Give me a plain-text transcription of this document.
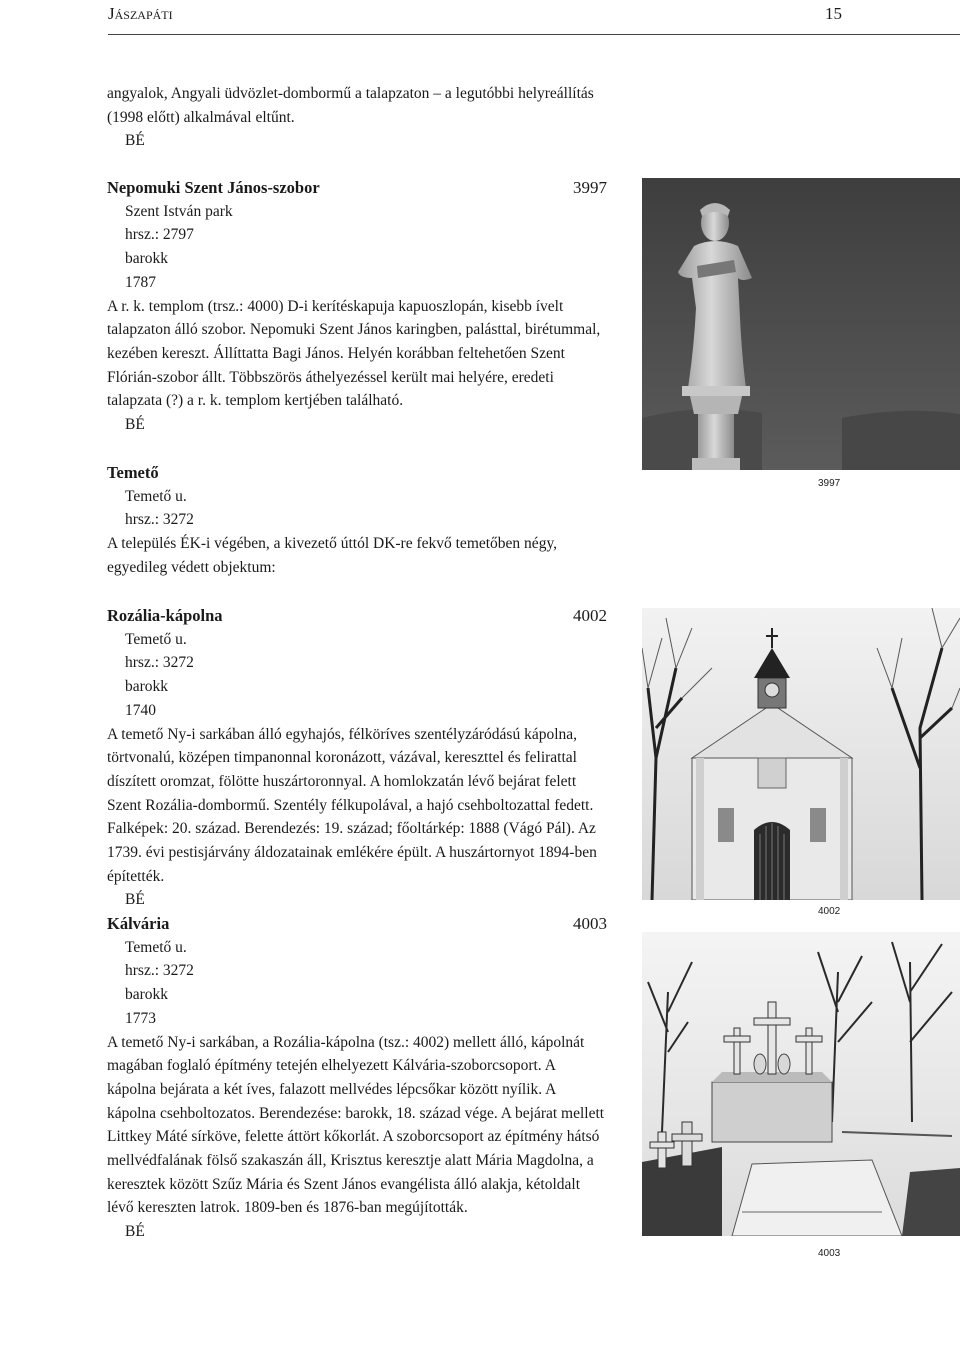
Jászapáti	15

angyalok, Angyali üdvözlet-dombormű a talapzaton – a legutóbbi helyreállítás (1998 előtt) alkalmával eltűnt.

BÉ

Nepomuki Szent János-szobor	3997

Szent István park

hrsz.: 2797

barokk

1787

A r. k. templom (trsz.: 4000) D-i kerítéskapuja kapuoszlopán, kisebb ívelt talapzaton álló szobor. Nepomuki Szent János karingben, palásttal, birétummal, kezében kereszt. Állíttatta Bagi János. Helyén korábban feltehetően Szent Flórián-szobor állt. Többszörös áthelyezéssel került mai helyére, eredeti talapzata (?) a r. k. templom kertjében található.

BÉ

Temető

Temető u.

hrsz.: 3272

A település ÉK-i végében, a kivezető úttól DK-re fekvő temetőben négy, egyedileg védett objektum:

Rozália-kápolna	4002

Temető u.

hrsz.: 3272

barokk

1740

A temető Ny-i sarkában álló egyhajós, félköríves szentélyzáródású kápolna, törtvonalú, középen timpanonnal koronázott, vázával, kereszttel és felirattal díszített oromzat, fölötte huszártoronnyal. A homlokzatán lévő bejárat felett Szent Rozália-dombormű. Szentély félkupolával, a hajó csehboltozattal fedett. Falképek: 20. század. Berendezés: 19. század; főoltárkép: 1888 (Vágó Pál). Az 1739. évi pestisjárvány áldozatainak emlékére épült. A huszártornyot 1894-ben építették.

BÉ

Kálvária	4003

Temető u.

hrsz.: 3272

barokk

1773

A temető Ny-i sarkában, a Rozália-kápolna (tsz.: 4002) mellett álló, kápolnát magában foglaló építmény tetején elhelyezett Kálvária-szoborcsoport. A kápolna bejárata a két íves, falazott mellvédes lépcsőkar között nyílik. A kápolna csehboltozatos. Berendezése: barokk, 18. század vége. A bejárat mellett Littkey Máté sírköve, felette áttört kőkorlát. A szoborcsoport az építmény hátsó mellvédfalának fölső szakaszán áll, Krisztus keresztje alatt Mária Magdolna, a keresztek között Szűz Mária és Szent János evangélista álló alakja, kétoldalt lévő kereszten latrok. 1809-ben és 1876-ban megújították.

BÉ

3997
4002
4003
